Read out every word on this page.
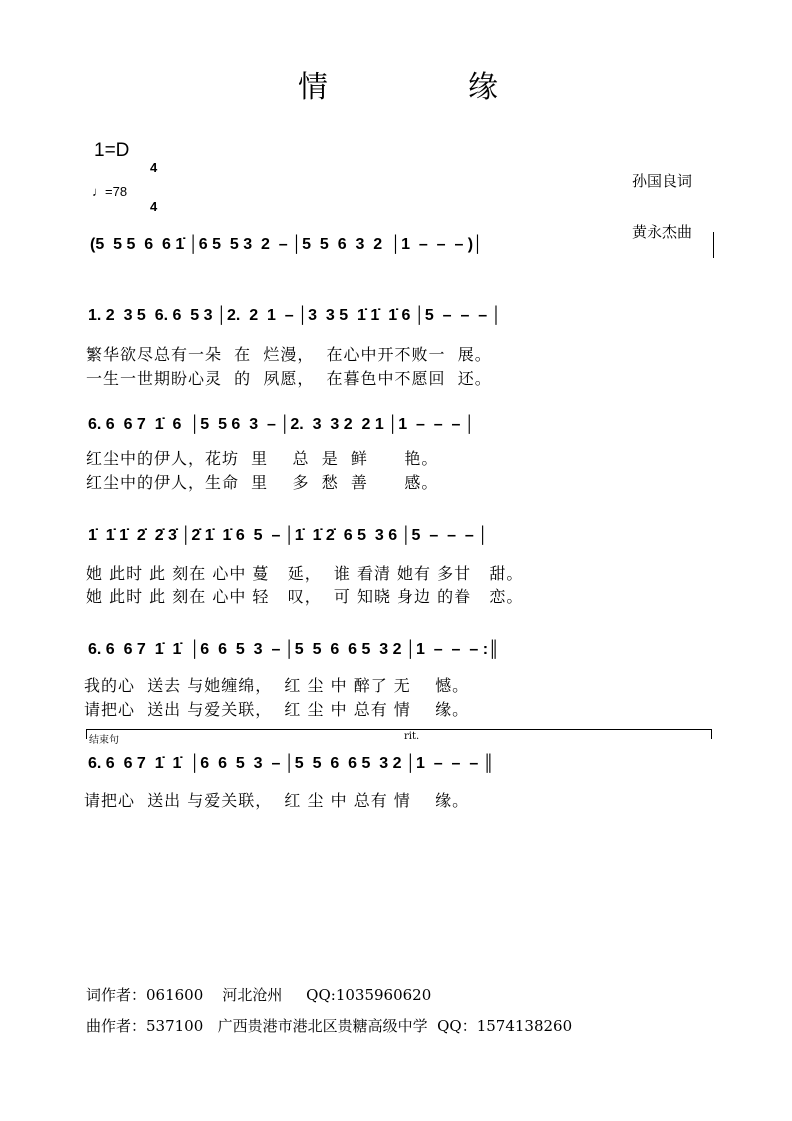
情	缘
1=D

4

4

♩=78

孙国良词

黄永杰曲

(5  5 5  6  6 1̇ │6 5  5 3  2  – │5  5  6  3  2  │1  –  –  – )│
1. 2  3 5  6. 6  5 3 │2.  2  1  – │3  3 5  1̇ 1̇  1̇ 6 │5  –  –  – │
繁华欲尽总有一朵  在  烂漫，  在心中开不败一  展。
一生一世期盼心灵  的  夙愿，  在暮色中不愿回  还。
6. 6  6 7  1̇  6  │5  5 6  3  – │2.  3  3 2  2 1 │1  –  –  – │
红尘中的伊人，花坊  里    总  是  鲜      艳。
红尘中的伊人，生命  里    多  愁  善      感。
1̇  1̇ 1̇  2̇  2̇ 3̇ │2̇ 1̇  1̇ 6  5  – │1̇  1̇ 2̇  6 5  3 6 │5  –  –  – │
她 此时 此 刻在 心中 蔓   延，  谁 看清 她有 多甘   甜。
她 此时 此 刻在 心中 轻   叹，  可 知晓 身边 的眷   恋。
6. 6  6 7  1̇  1̇  │6  6  5  3  – │5  5  6  6 5  3 2 │1  –  –  – :║
我的心  送去 与她缠绵，  红 尘 中 醉了 无    憾。
请把心  送出 与爱关联，  红 尘 中 总有 情    缘。
结束句	rit.
6. 6  6 7  1̇  1̇  │6  6  5  3  – │5  5  6  6 5  3 2 │1  –  –  – ║
请把心  送出 与爱关联，  红 尘 中 总有 情    缘。
词作者：061600    河北沧州     QQ:1035960620
曲作者：537100   广西贵港市港北区贵糖高级中学  QQ：1574138260
